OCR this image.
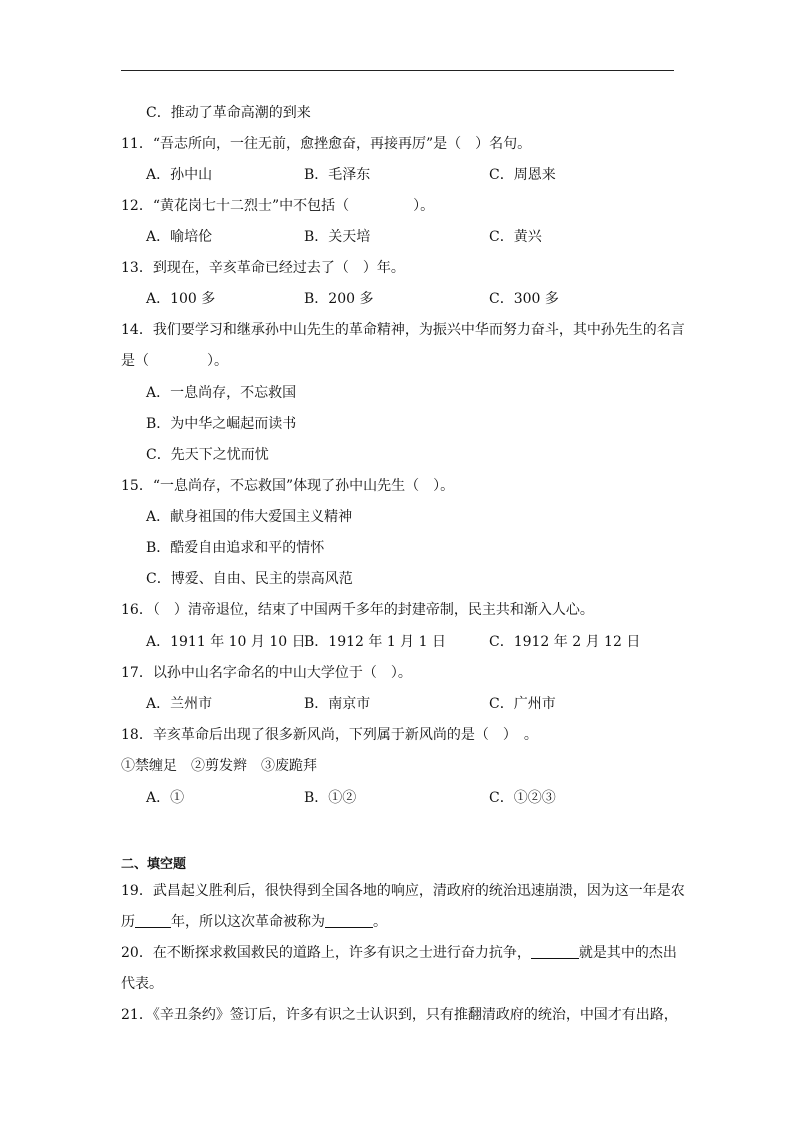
C．推动了革命高潮的到来
11．“吾志所向，一往无前，愈挫愈奋，再接再厉”是（　）名句。
A．孙中山	B．毛泽东	C．周恩来
12．“黄花岗七十二烈士”中不包括（	）。
A．喻培伦	B．关天培	C．黄兴
13．到现在，辛亥革命已经过去了（　）年。
A．100 多	B．200 多	C．300 多
14．我们要学习和继承孙中山先生的革命精神，为振兴中华而努力奋斗，其中孙先生的名言
是（	）。
A．一息尚存，不忘救国
B．为中华之崛起而读书
C．先天下之忧而忧
15．“一息尚存，不忘救国”体现了孙中山先生（　）。
A．献身祖国的伟大爱国主义精神
B．酷爱自由追求和平的情怀
C．博爱、自由、民主的崇高风范
16．（　）清帝退位，结束了中国两千多年的封建帝制，民主共和渐入人心。
A．1911 年 10 月 10 日
B．1912 年 1 月 1 日	C．1912 年 2 月 12 日
17．以孙中山名字命名的中山大学位于（　）。
A．兰州市	B．南京市	C．广州市
18．辛亥革命后出现了很多新风尚，下列属于新风尚的是（　）　。
①禁缠足　②剪发辫　③废跪拜
A．①	B．①②	C．①②③
二、填空题
19．武昌起义胜利后，很快得到全国各地的响应，清政府的统治迅速崩溃，因为这一年是农
历	年，所以这次革命被称为	。
20．在不断探求救国救民的道路上，许多有识之士进行奋力抗争，	就是其中的杰出
代表。
21．《辛丑条约》签订后，许多有识之士认识到，只有推翻清政府的统治，中国才有出路，
